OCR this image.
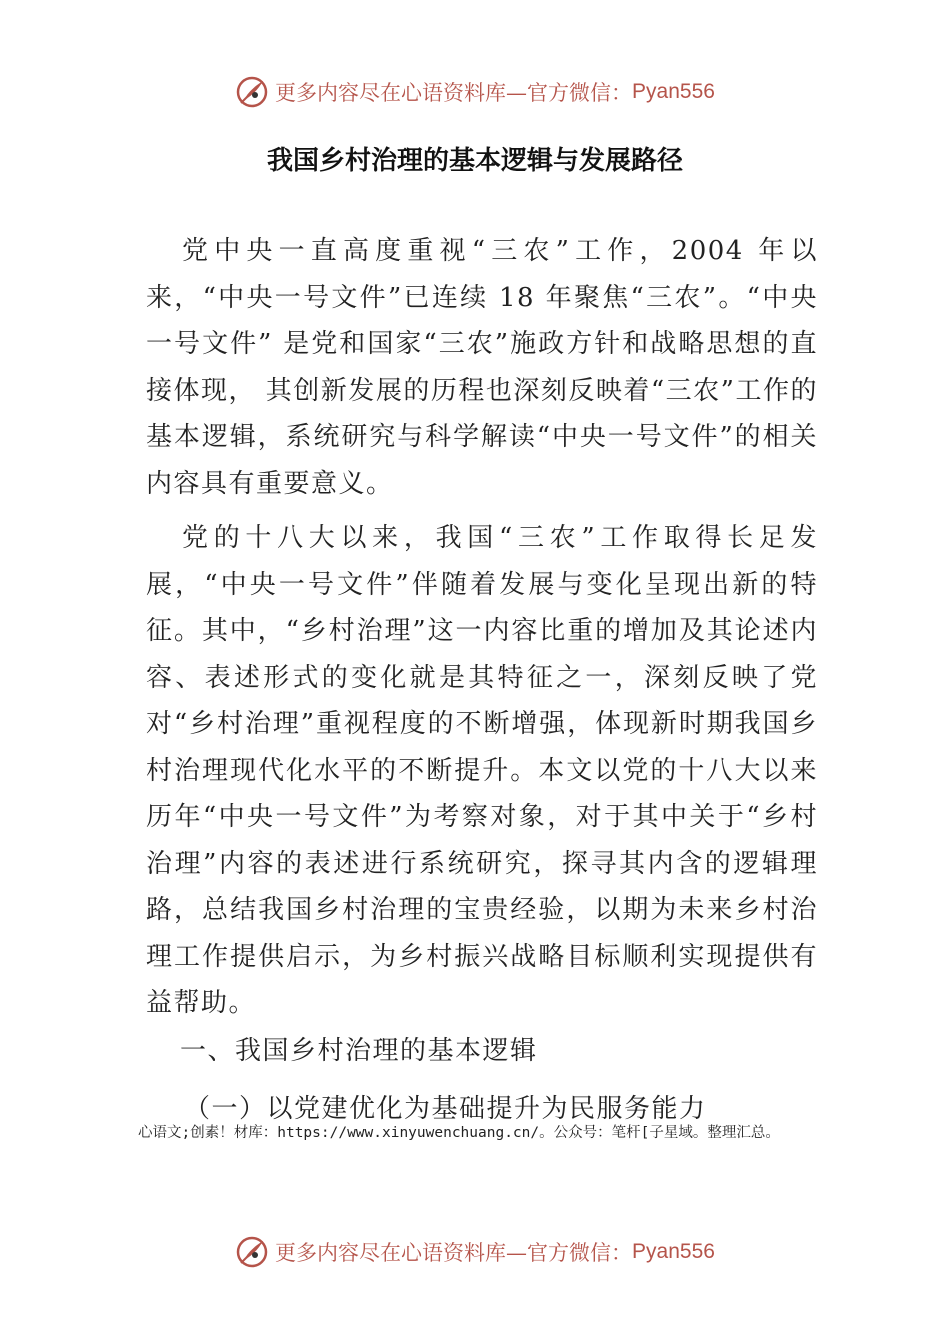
更多内容尽在心语资料库—官方微信： Pyan556
我国乡村治理的基本逻辑与发展路径

党中央一直高度重视“三农”工作，2004 年以来，“中央一号文件”已连续 18 年聚焦“三农”。“中央一号文件” 是党和国家“三农”施政方针和战略思想的直接体现， 其创新发展的历程也深刻反映着“三农”工作的基本逻辑，系统研究与科学解读“中央一号文件”的相关内容具有重要意义。

党的十八大以来，我国“三农”工作取得长足发展，“中央一号文件”伴随着发展与变化呈现出新的特征。其中，“乡村治理”这一内容比重的增加及其论述内容、表述形式的变化就是其特征之一，深刻反映了党对“乡村治理”重视程度的不断增强，体现新时期我国乡村治理现代化水平的不断提升。本文以党的十八大以来历年“中央一号文件”为考察对象，对于其中关于“乡村治理”内容的表述进行系统研究，探寻其内含的逻辑理 路，总结我国乡村治理的宝贵经验，以期为未来乡村治理工作提供启示，为乡村振兴战略目标顺利实现提供有益帮助。

一、我国乡村治理的基本逻辑

（一）以党建优化为基础提升为民服务能力

心语文;创素！材库：https://www.xinyuwenchuang.cn/。公众号：笔杆[子星域。整理汇总。

更多内容尽在心语资料库—官方微信： Pyan556
